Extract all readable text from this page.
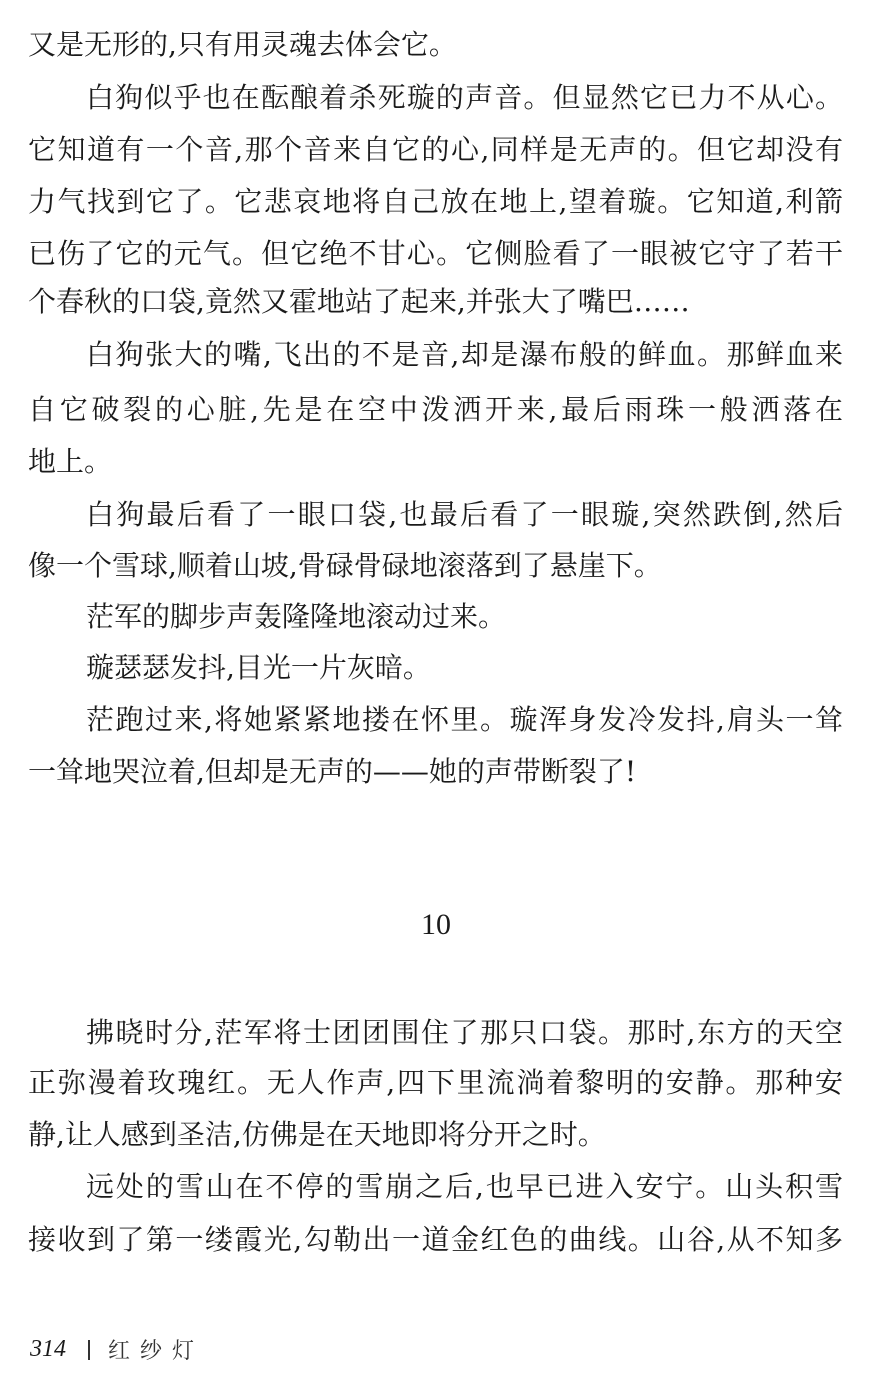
又是无形的,只有用灵魂去体会它。
白狗似乎也在酝酿着杀死璇的声音。但显然它已力不从心。
它知道有一个音,那个音来自它的心,同样是无声的。但它却没有
力气找到它了。它悲哀地将自己放在地上,望着璇。它知道,利箭
已伤了它的元气。但它绝不甘心。它侧脸看了一眼被它守了若干
个春秋的口袋,竟然又霍地站了起来,并张大了嘴巴……
白狗张大的嘴,飞出的不是音,却是瀑布般的鲜血。那鲜血来
自它破裂的心脏,先是在空中泼洒开来,最后雨珠一般洒落在
地上。
白狗最后看了一眼口袋,也最后看了一眼璇,突然跌倒,然后
像一个雪球,顺着山坡,骨碌骨碌地滚落到了悬崖下。
茫军的脚步声轰隆隆地滚动过来。
璇瑟瑟发抖,目光一片灰暗。
茫跑过来,将她紧紧地搂在怀里。璇浑身发冷发抖,肩头一耸
一耸地哭泣着,但却是无声的——她的声带断裂了!
拂晓时分,茫军将士团团围住了那只口袋。那时,东方的天空
正弥漫着玫瑰红。无人作声,四下里流淌着黎明的安静。那种安
静,让人感到圣洁,仿佛是在天地即将分开之时。
远处的雪山在不停的雪崩之后,也早已进入安宁。山头积雪
接收到了第一缕霞光,勾勒出一道金红色的曲线。山谷,从不知多
10
314 红纱灯
